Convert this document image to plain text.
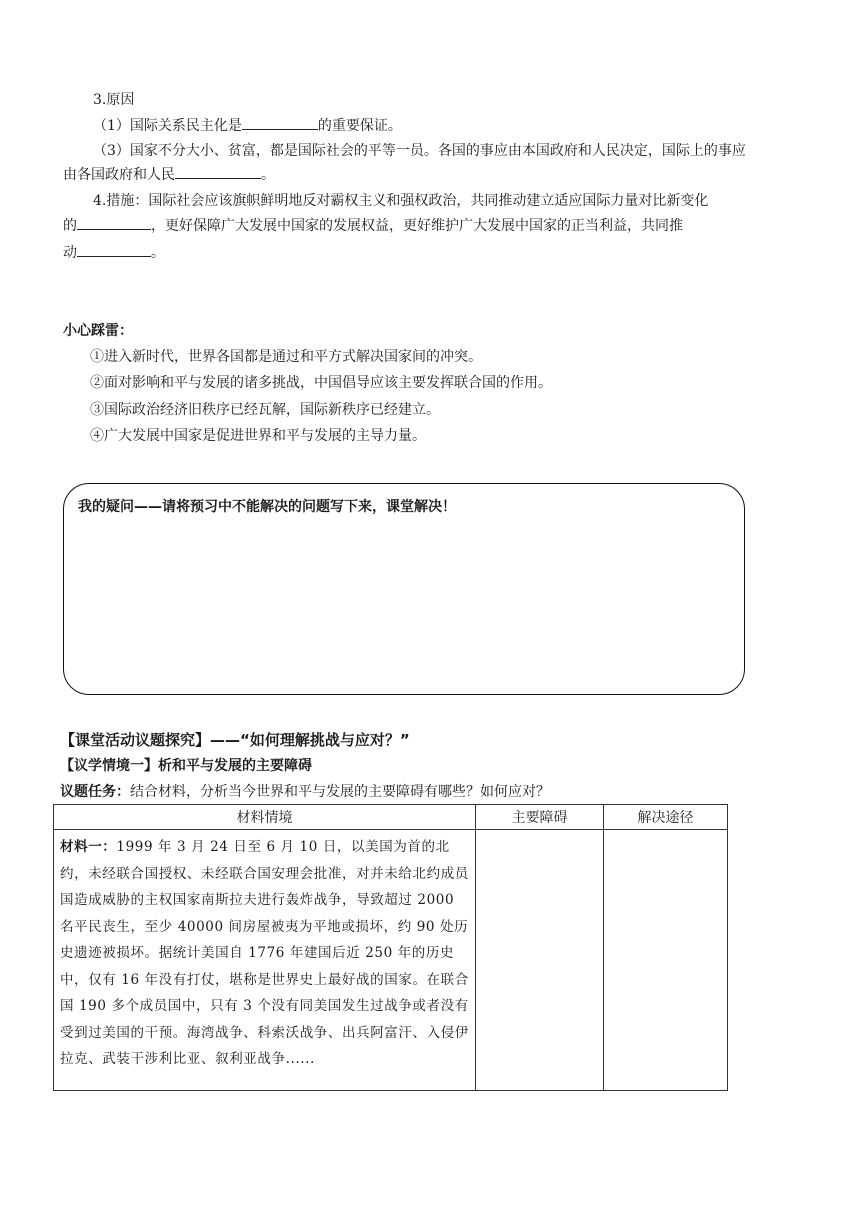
3.原因
（1）国际关系民主化是	的重要保证。
（3）国家不分大小、贫富，都是国际社会的平等一员。各国的事应由本国政府和人民决定，国际上的事应
由各国政府和人民	。
4.措施：国际社会应该旗帜鲜明地反对霸权主义和强权政治，共同推动建立适应国际力量对比新变化
的	，更好保障广大发展中国家的发展权益，更好维护广大发展中国家的正当利益，共同推
动	。
小心踩雷：
①进入新时代，世界各国都是通过和平方式解决国家间的冲突。
②面对影响和平与发展的诸多挑战，中国倡导应该主要发挥联合国的作用。
③国际政治经济旧秩序已经瓦解，国际新秩序已经建立。
④广大发展中国家是促进世界和平与发展的主导力量。
我的疑问——请将预习中不能解决的问题写下来，课堂解决！
【课堂活动议题探究】——“如何理解挑战与应对？”
【议学情境一】析和平与发展的主要障碍
议题任务：结合材料，分析当今世界和平与发展的主要障碍有哪些？如何应对？
材料情境	主要障碍	解决途径
材料一：1999 年 3 月 24 日至 6 月 10 日，以美国为首的北约，未经联合国授权、未经联合国安理会批准，对并未给北约成员国造成威胁的主权国家南斯拉夫进行轰炸战争，导致超过 2000 名平民丧生，至少 40000 间房屋被夷为平地或损坏，约 90 处历史遗迹被损坏。据统计美国自 1776 年建国后近 250 年的历史中，仅有 16 年没有打仗，堪称是世界史上最好战的国家。在联合国 190 多个成员国中，只有 3 个没有同美国发生过战争或者没有受到过美国的干预。海湾战争、科索沃战争、出兵阿富汗、入侵伊拉克、武装干涉利比亚、叙利亚战争......		
